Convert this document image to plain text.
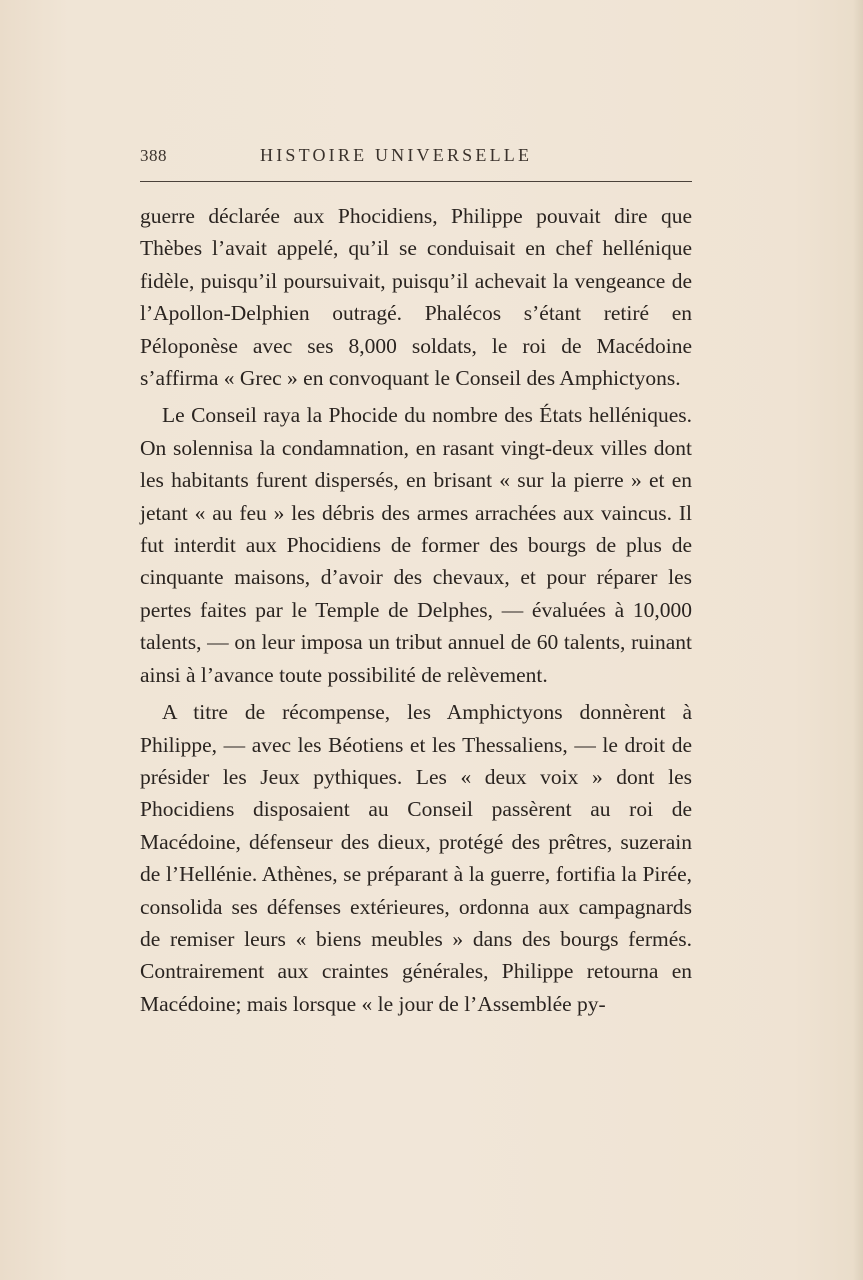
388	HISTOIRE UNIVERSELLE

guerre déclarée aux Phocidiens, Philippe pouvait dire que Thèbes l’avait appelé, qu’il se conduisait en chef hellénique fidèle, puisqu’il poursuivait, puisqu’il achevait la vengeance de l’Apollon-Delphien outragé. Phalécos s’étant retiré en Péloponèse avec ses 8,000 soldats, le roi de Macédoine s’affirma « Grec » en convoquant le Conseil des Amphictyons.

Le Conseil raya la Phocide du nombre des États helléniques. On solennisa la condamnation, en rasant vingt-deux villes dont les habitants furent dispersés, en brisant « sur la pierre » et en jetant « au feu » les débris des armes arrachées aux vaincus. Il fut interdit aux Phocidiens de former des bourgs de plus de cinquante maisons, d’avoir des chevaux, et pour réparer les pertes faites par le Temple de Delphes, — évaluées à 10,000 talents, — on leur imposa un tribut annuel de 60 talents, ruinant ainsi à l’avance toute possibilité de relèvement.

A titre de récompense, les Amphictyons donnèrent à Philippe, — avec les Béotiens et les Thessaliens, — le droit de présider les Jeux pythiques. Les « deux voix » dont les Phocidiens disposaient au Conseil passèrent au roi de Macédoine, défenseur des dieux, protégé des prêtres, suzerain de l’Hellénie. Athènes, se préparant à la guerre, fortifia la Pirée, consolida ses défenses extérieures, ordonna aux campagnards de remiser leurs « biens meubles » dans des bourgs fermés. Contrairement aux craintes générales, Philippe retourna en Macédoine; mais lorsque « le jour de l’Assemblée py-
